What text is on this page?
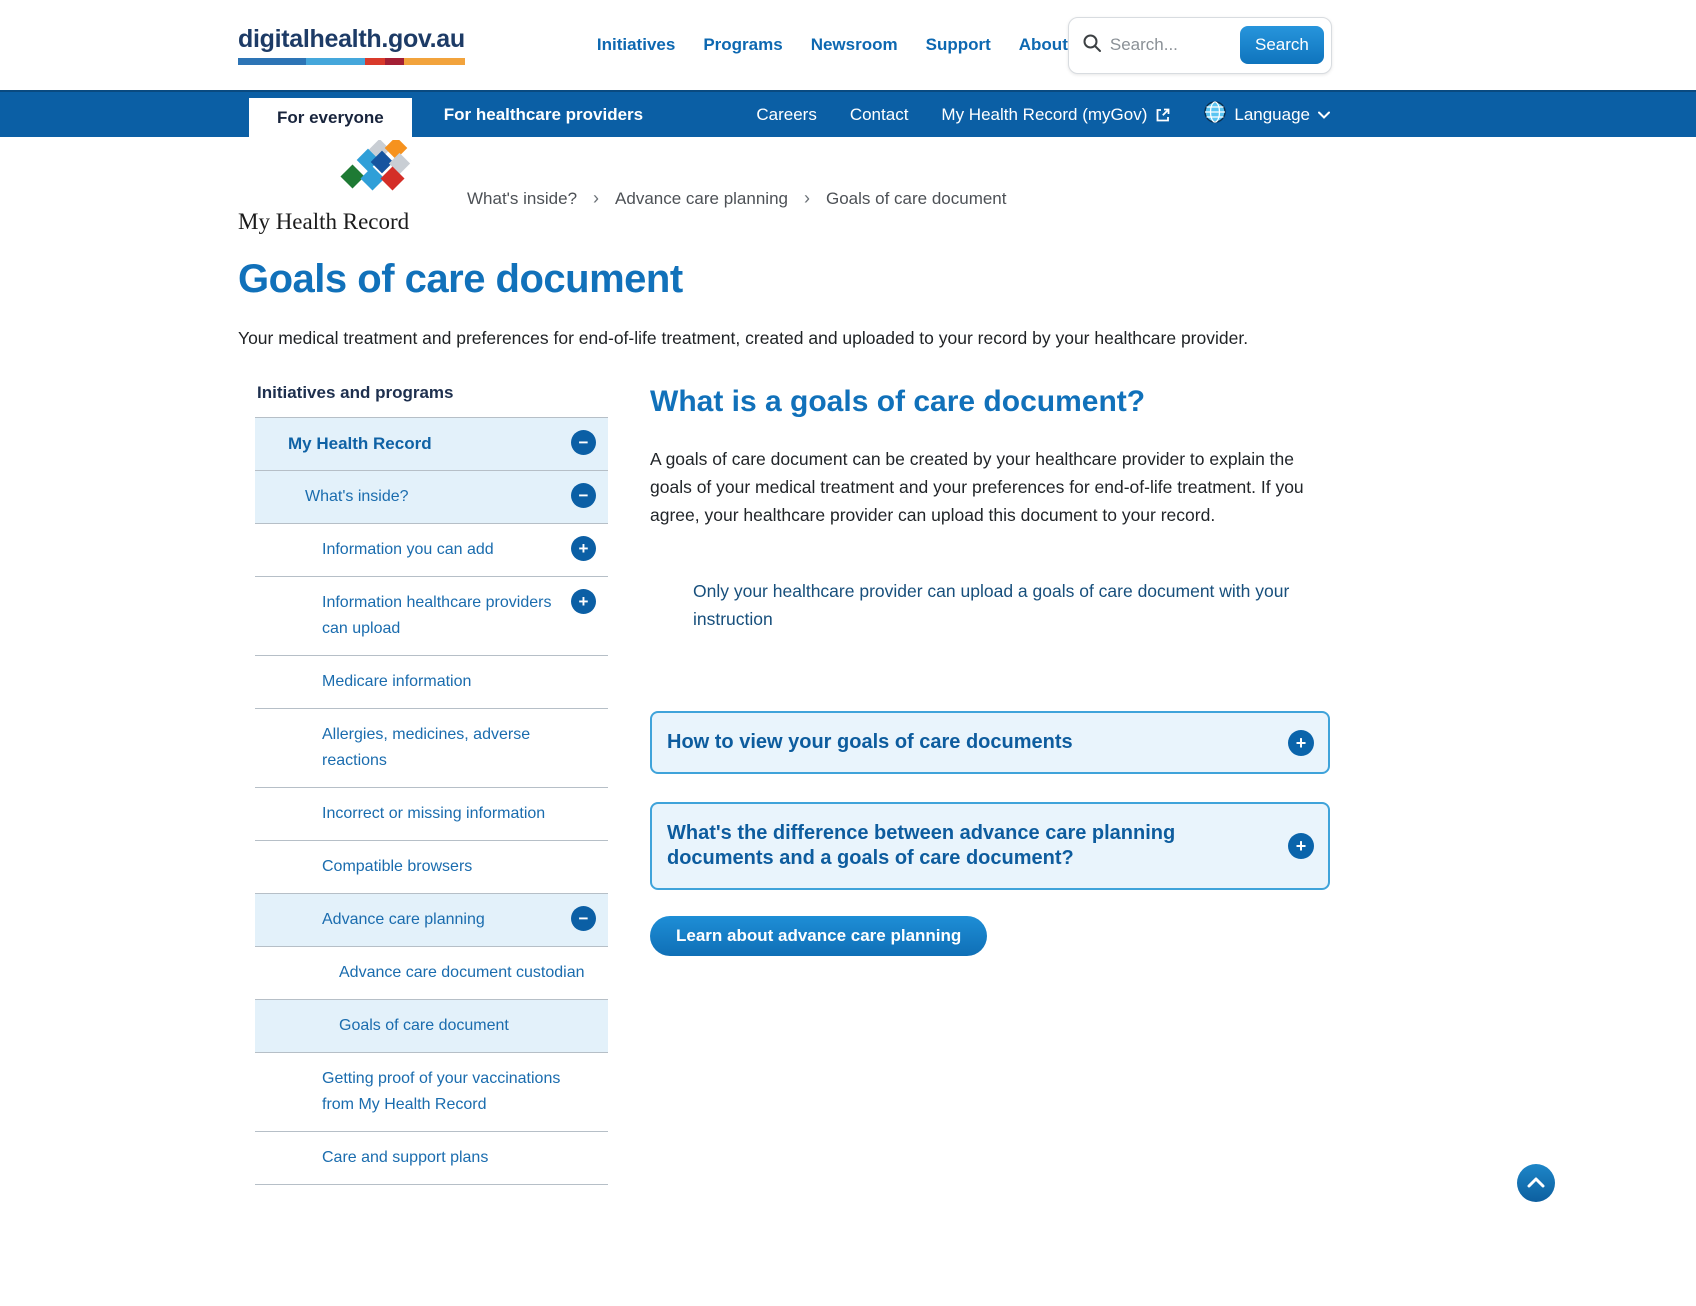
digitalhealth.gov.au	Initiatives Programs Newsroom Support About
Search...	Search
For everyone	For healthcare providers	Careers Contact My Health Record (myGov)	Language
My Health Record
What's inside? › Advance care planning › Goals of care document
Goals of care document

Your medical treatment and preferences for end-of-life treatment, created and uploaded to your record by your healthcare provider.

Initiatives and programs
My Health Record	−
What's inside?	−
Information you can add	+
Information healthcare providers can upload
+
Medicare information
Allergies, medicines, adverse reactions
Incorrect or missing information
Compatible browsers
Advance care planning	−
Advance care document custodian
Goals of care document
Getting proof of your vaccinations from My Health Record
Care and support plans
What is a goals of care document?

A goals of care document can be created by your healthcare provider to explain the goals of your medical treatment and your preferences for end-of-life treatment. If you agree, your healthcare provider can upload this document to your record.

Only your healthcare provider can upload a goals of care document with your instruction

How to view your goals of care documents	+
What's the difference between advance care planning documents and a goals of care document?
+
Learn about advance care planning
